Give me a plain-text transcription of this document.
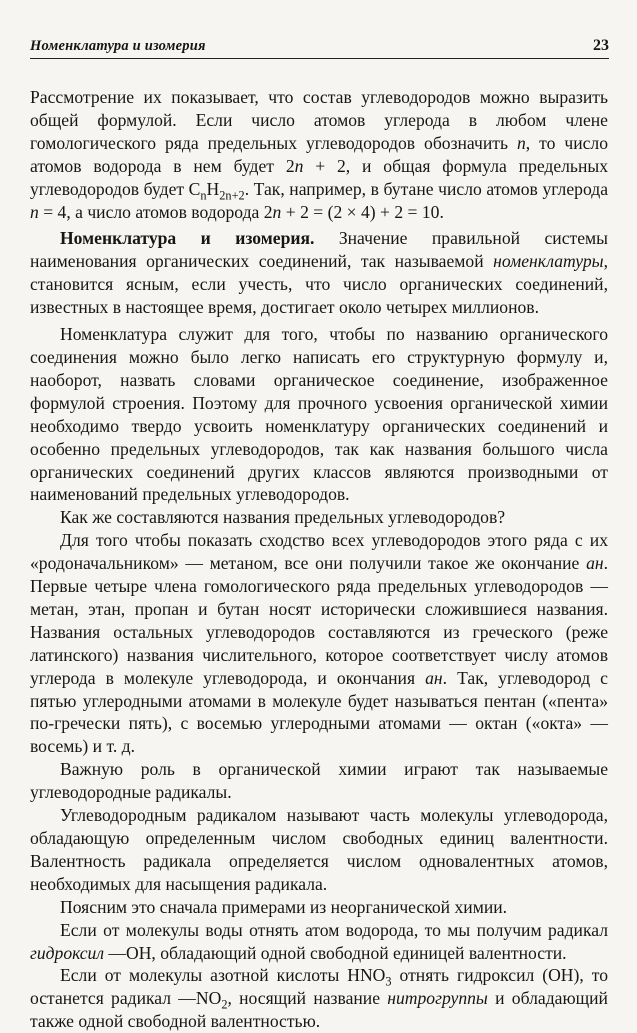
Номенклатура и изомерия	23

Рассмотрение их показывает, что состав углеводородов можно выразить общей формулой. Если число атомов углерода в любом члене гомологического ряда предельных углеводородов обозначить n, то число атомов водорода в нем будет 2n + 2, и общая формула предельных углеводородов будет $C_nH_{2n+2}$. Так, например, в бутане число атомов углерода n = 4, а число атомов водорода 2n + 2 = (2 × 4) + 2 = 10.

Номенклатура и изомерия. Значение правильной системы наименования органических соединений, так называемой номенклатуры, становится ясным, если учесть, что число органических соединений, известных в настоящее время, достигает около четырех миллионов.

Номенклатура служит для того, чтобы по названию органического соединения можно было легко написать его структурную формулу и, наоборот, назвать словами органическое соединение, изображенное формулой строения. Поэтому для прочного усвоения органической химии необходимо твердо усвоить номенклатуру органических соединений и особенно предельных углеводородов, так как названия большого числа органических соединений других классов являются производными от наименований предельных углеводородов.

Как же составляются названия предельных углеводородов?

Для того чтобы показать сходство всех углеводородов этого ряда с их «родоначальником» — метаном, все они получили такое же окончание ан. Первые четыре члена гомологического ряда предельных углеводородов — метан, этан, пропан и бутан носят исторически сложившиеся названия. Названия остальных углеводородов составляются из греческого (реже латинского) названия числительного, которое соответствует числу атомов углерода в молекуле углеводорода, и окончания ан. Так, углеводород с пятью углеродными атомами в молекуле будет называться пентан («пента» по-гречески пять), с восемью углеродными атомами — октан («окта» — восемь) и т. д.

Важную роль в органической химии играют так называемые углеводородные радикалы.

Углеводородным радикалом называют часть молекулы углеводорода, обладающую определенным числом свободных единиц валентности. Валентность радикала определяется числом одновалентных атомов, необходимых для насыщения радикала.

Поясним это сначала примерами из неорганической химии.

Если от молекулы воды отнять атом водорода, то мы получим радикал гидроксил —OH, обладающий одной свободной единицей валентности.

Если от молекулы азотной кислоты $HNO_3$ отнять гидроксил (OH), то останется радикал $—NO_2$, носящий название нитрогруппы и обладающий также одной свободной валентностью.
